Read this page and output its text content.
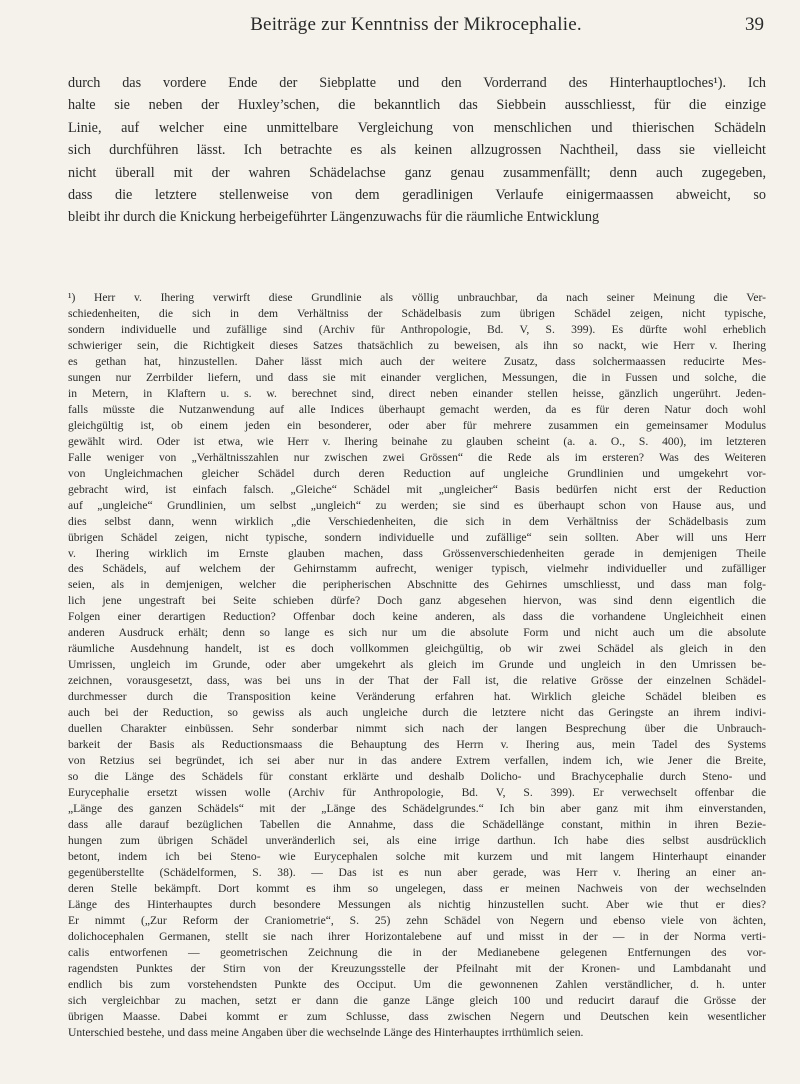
Beiträge zur Kenntniss der Mikrocephalie.	39

durch das vordere Ende der Siebplatte und den Vorderrand des Hinterhauptloches¹). Ich

halte sie neben der Huxley’schen, die bekanntlich das Siebbein ausschliesst, für die einzige

Linie, auf welcher eine unmittelbare Vergleichung von menschlichen und thierischen Schädeln

sich durchführen lässt. Ich betrachte es als keinen allzugrossen Nachtheil, dass sie vielleicht

nicht überall mit der wahren Schädelachse ganz genau zusammenfällt; denn auch zugegeben,

dass die letztere stellenweise von dem geradlinigen Verlaufe einigermaassen abweicht, so

bleibt ihr durch die Knickung herbeigeführter Längenzuwachs für die räumliche Entwicklung

¹) Herr v. Ihering verwirft diese Grundlinie als völlig unbrauchbar, da nach seiner Meinung die Ver-

schiedenheiten, die sich in dem Verhältniss der Schädelbasis zum übrigen Schädel zeigen, nicht typische,

sondern individuelle und zufällige sind (Archiv für Anthropologie, Bd. V, S. 399). Es dürfte wohl erheblich

schwieriger sein, die Richtigkeit dieses Satzes thatsächlich zu beweisen, als ihn so nackt, wie Herr v. Ihering

es gethan hat, hinzustellen. Daher lässt mich auch der weitere Zusatz, dass solchermaassen reducirte Mes-

sungen nur Zerrbilder liefern, und dass sie mit einander verglichen, Messungen, die in Fussen und solche, die

in Metern, in Klaftern u. s. w. berechnet sind, direct neben einander stellen heisse, gänzlich ungerührt. Jeden-

falls müsste die Nutzanwendung auf alle Indices überhaupt gemacht werden, da es für deren Natur doch wohl

gleichgültig ist, ob einem jeden ein besonderer, oder aber für mehrere zusammen ein gemeinsamer Modulus

gewählt wird. Oder ist etwa, wie Herr v. Ihering beinahe zu glauben scheint (a. a. O., S. 400), im letzteren

Falle weniger von „Verhältnisszahlen nur zwischen zwei Grössen“ die Rede als im ersteren? Was des Weiteren

von Ungleichmachen gleicher Schädel durch deren Reduction auf ungleiche Grundlinien und umgekehrt vor-

gebracht wird, ist einfach falsch. „Gleiche“ Schädel mit „ungleicher“ Basis bedürfen nicht erst der Reduction

auf „ungleiche“ Grundlinien, um selbst „ungleich“ zu werden; sie sind es überhaupt schon von Hause aus, und

dies selbst dann, wenn wirklich „die Verschiedenheiten, die sich in dem Verhältniss der Schädelbasis zum

übrigen Schädel zeigen, nicht typische, sondern individuelle und zufällige“ sein sollten. Aber will uns Herr

v. Ihering wirklich im Ernste glauben machen, dass Grössenverschiedenheiten gerade in demjenigen Theile

des Schädels, auf welchem der Gehirnstamm aufrecht, weniger typisch, vielmehr individueller und zufälliger

seien, als in demjenigen, welcher die peripherischen Abschnitte des Gehirnes umschliesst, und dass man folg-

lich jene ungestraft bei Seite schieben dürfe? Doch ganz abgesehen hiervon, was sind denn eigentlich die

Folgen einer derartigen Reduction? Offenbar doch keine anderen, als dass die vorhandene Ungleichheit einen

anderen Ausdruck erhält; denn so lange es sich nur um die absolute Form und nicht auch um die absolute

räumliche Ausdehnung handelt, ist es doch vollkommen gleichgültig, ob wir zwei Schädel als gleich in den

Umrissen, ungleich im Grunde, oder aber umgekehrt als gleich im Grunde und ungleich in den Umrissen be-

zeichnen, vorausgesetzt, dass, was bei uns in der That der Fall ist, die relative Grösse der einzelnen Schädel-

durchmesser durch die Transposition keine Veränderung erfahren hat. Wirklich gleiche Schädel bleiben es

auch bei der Reduction, so gewiss als auch ungleiche durch die letztere nicht das Geringste an ihrem indivi-

duellen Charakter einbüssen. Sehr sonderbar nimmt sich nach der langen Besprechung über die Unbrauch-

barkeit der Basis als Reductionsmaass die Behauptung des Herrn v. Ihering aus, mein Tadel des Systems

von Retzius sei begründet, ich sei aber nur in das andere Extrem verfallen, indem ich, wie Jener die Breite,

so die Länge des Schädels für constant erklärte und deshalb Dolicho- und Brachycephalie durch Steno- und

Eurycephalie ersetzt wissen wolle (Archiv für Anthropologie, Bd. V, S. 399). Er verwechselt offenbar die

„Länge des ganzen Schädels“ mit der „Länge des Schädelgrundes.“ Ich bin aber ganz mit ihm einverstanden,

dass alle darauf bezüglichen Tabellen die Annahme, dass die Schädellänge constant, mithin in ihren Bezie-

hungen zum übrigen Schädel unveränderlich sei, als eine irrige darthun. Ich habe dies selbst ausdrücklich

betont, indem ich bei Steno- wie Eurycephalen solche mit kurzem und mit langem Hinterhaupt einander

gegenüberstellte (Schädelformen, S. 38). — Das ist es nun aber gerade, was Herr v. Ihering an einer an-

deren Stelle bekämpft. Dort kommt es ihm so ungelegen, dass er meinen Nachweis von der wechselnden

Länge des Hinterhauptes durch besondere Messungen als nichtig hinzustellen sucht. Aber wie thut er dies?

Er nimmt („Zur Reform der Craniometrie“, S. 25) zehn Schädel von Negern und ebenso viele von ächten,

dolichocephalen Germanen, stellt sie nach ihrer Horizontalebene auf und misst in der — in der Norma verti-

calis entworfenen — geometrischen Zeichnung die in der Medianebene gelegenen Entfernungen des vor-

ragendsten Punktes der Stirn von der Kreuzungsstelle der Pfeilnaht mit der Kronen- und Lambdanaht und

endlich bis zum vorstehendsten Punkte des Occiput. Um die gewonnenen Zahlen verständlicher, d. h. unter

sich vergleichbar zu machen, setzt er dann die ganze Länge gleich 100 und reducirt darauf die Grösse der

übrigen Maasse. Dabei kommt er zum Schlusse, dass zwischen Negern und Deutschen kein wesentlicher

Unterschied bestehe, und dass meine Angaben über die wechselnde Länge des Hinterhauptes irrthümlich seien.
